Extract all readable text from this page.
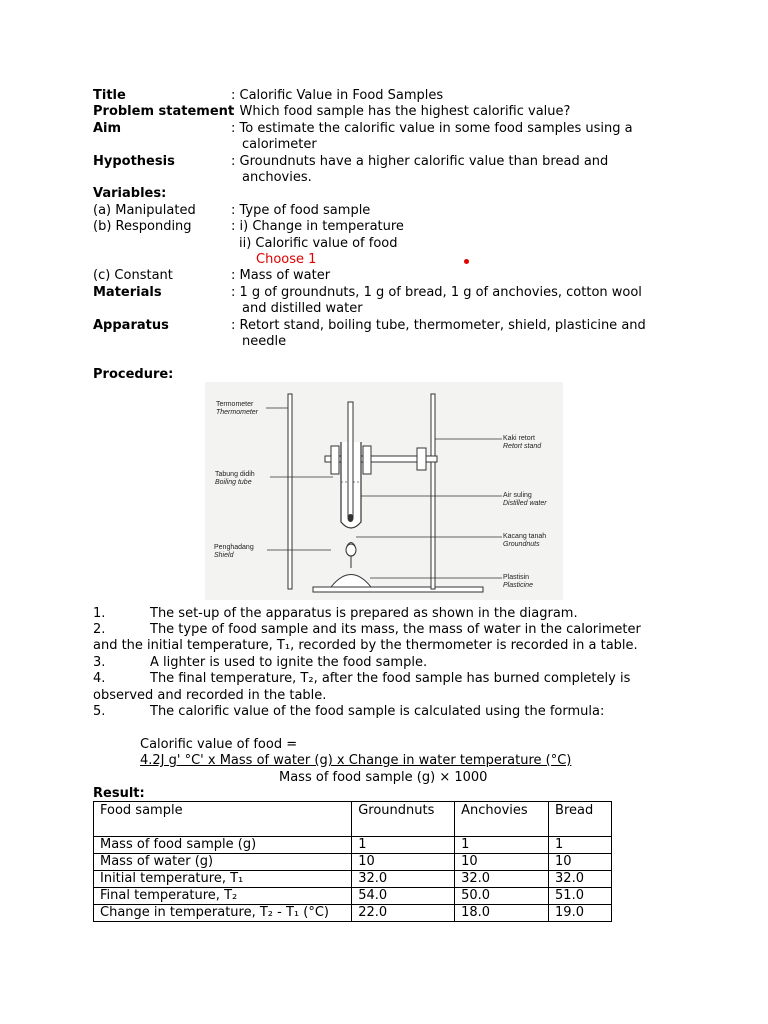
Title	: Calorific Value in Food Samples
Problem statement
: Which food sample has the highest calorific value?
Aim	: To estimate the calorific value in some food samples using a
calorimeter
Hypothesis	: Groundnuts have a higher calorific value than bread and
anchovies.
Variables:
(a) Manipulated	: Type of food sample
(b) Responding	: i) Change in temperature
ii) Calorific value of food
Choose 1
(c) Constant	: Mass of water
Materials	: 1 g of groundnuts, 1 g of bread, 1 g of anchovies, cotton wool
and distilled water
Apparatus	: Retort stand, boiling tube, thermometer, shield, plasticine and
needle
Procedure:
Termometer
Thermometer
Tabung didih
Boiling tube
Penghadang
Shield
Kaki retort
Retort stand
Air suling
Distilled water
Kacang tanah
Groundnuts
Plastisin
Plasticine
1.	The set-up of the apparatus is prepared as shown in the diagram.
2.	The type of food sample and its mass, the mass of water in the calorimeter
and the initial temperature, T₁, recorded by the thermometer is recorded in a table.
3.	A lighter is used to ignite the food sample.
4.	The final temperature, T₂, after the food sample has burned completely is
observed and recorded in the table.
5.	The calorific value of the food sample is calculated using the formula:
Calorific value of food =
4.2J g' °C' x Mass of water (g) x Change in water temperature (°C)
Mass of food sample (g) × 1000
Result:
Food sample	Groundnuts	Anchovies	Bread
Mass of food sample (g)	1	1	1
Mass of water (g)	10	10	10
Initial temperature, T₁	32.0	32.0	32.0
Final temperature, T₂	54.0	50.0	51.0
Change in temperature, T₂ - T₁ (°C)	22.0	18.0	19.0
